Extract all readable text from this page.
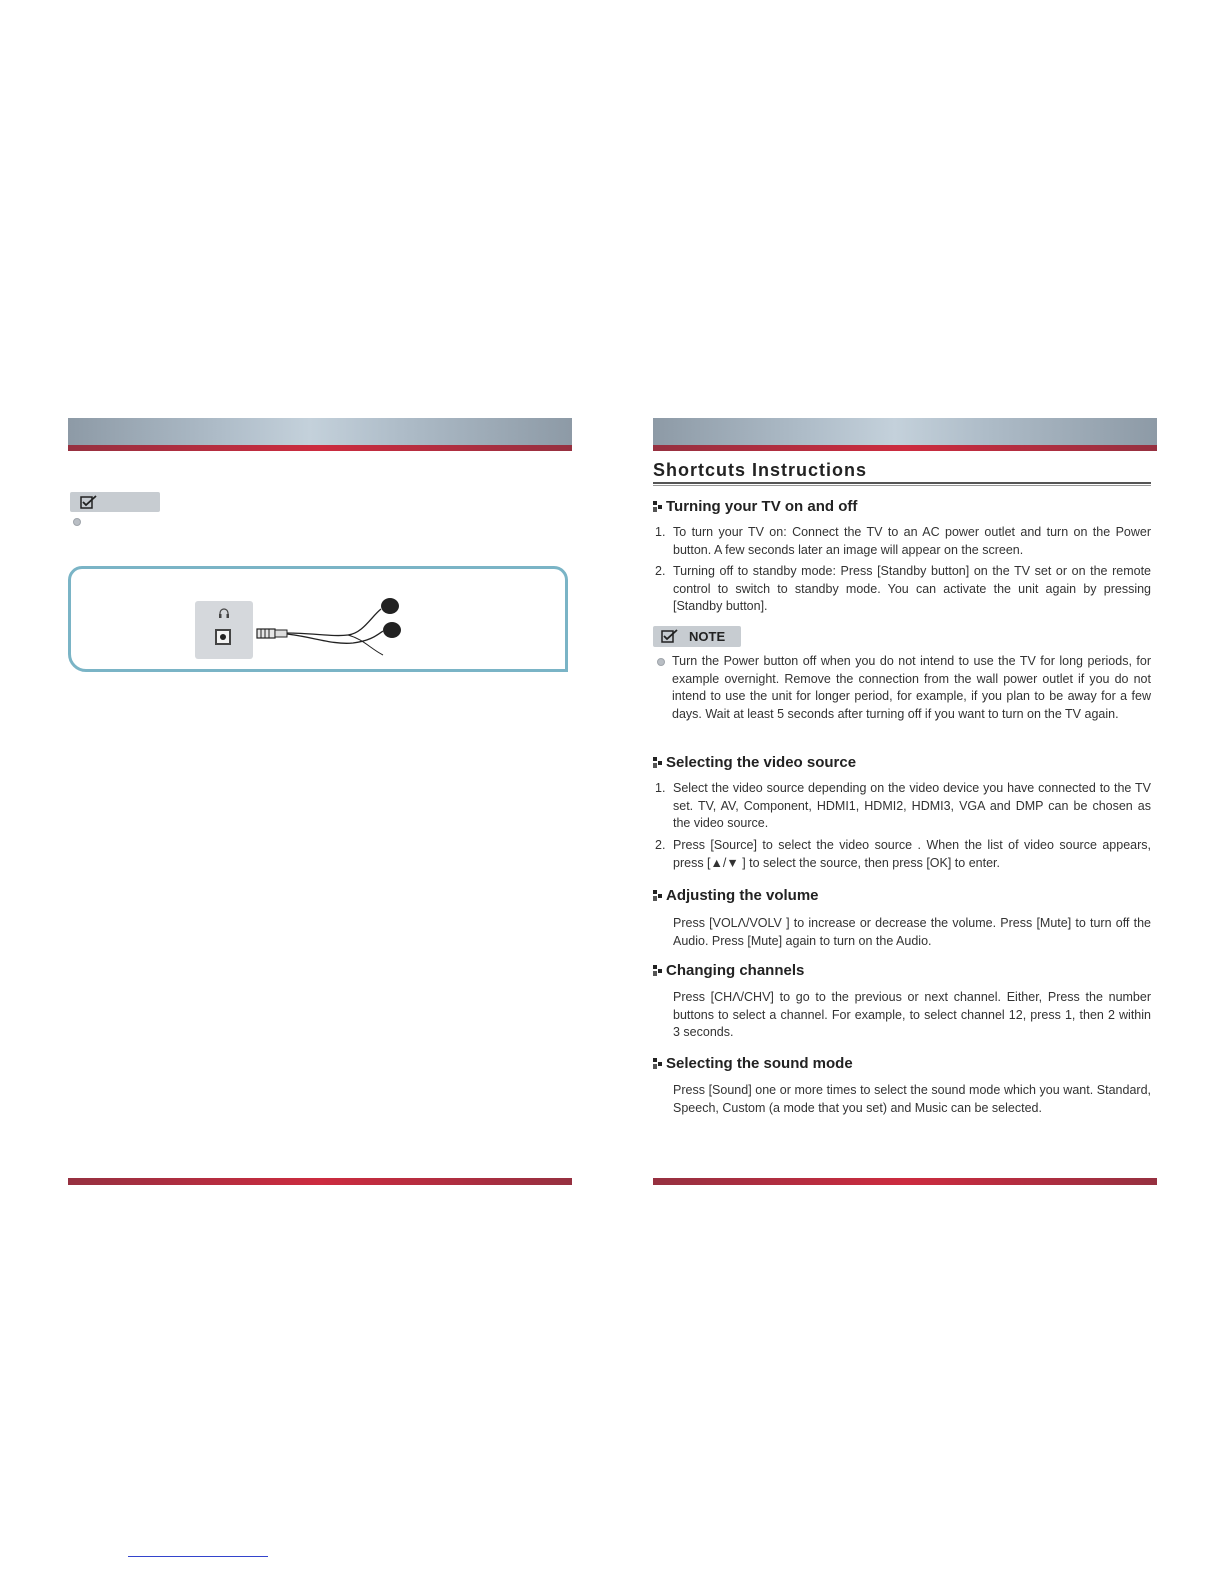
Shortcuts Instructions
Turning your TV on and off
1. To turn your TV on: Connect the TV to an AC power outlet and turn on the Power button. A few seconds later an image will appear on the screen.

2. Turning off to standby mode: Press [Standby button] on the TV set or on the remote control to switch to standby mode. You can activate the unit again by pressing [Standby button].

NOTE

Turn the Power button off when you do not intend to use the TV for long periods, for example overnight. Remove the connection from the wall power outlet if you do not intend to use the unit for longer period, for example, if you plan to be away for a few days. Wait at least 5 seconds after turning off if you want to turn on the TV again.

Selecting the video source
1. Select the video source depending on the video device you have connected to the TV set. TV, AV, Component, HDMI1, HDMI2, HDMI3, VGA and DMP can be chosen as the video source.

2. Press [Source] to select the video source . When the list of video source appears, press [▲/▼ ] to select the source, then press [OK] to enter.

Adjusting the volume

Press [VOLΛ/VOLV ] to increase or decrease the volume. Press [Mute] to turn off the Audio. Press [Mute] again to turn on the Audio.

Changing channels

Press [CHΛ/CHV] to go to the previous or next channel. Either, Press the number buttons to select a channel. For example, to select channel 12, press 1, then 2 within 3 seconds.

Selecting the sound mode

Press [Sound] one or more times to select the sound mode which you want. Standard, Speech, Custom (a mode that you set) and Music can be selected.
